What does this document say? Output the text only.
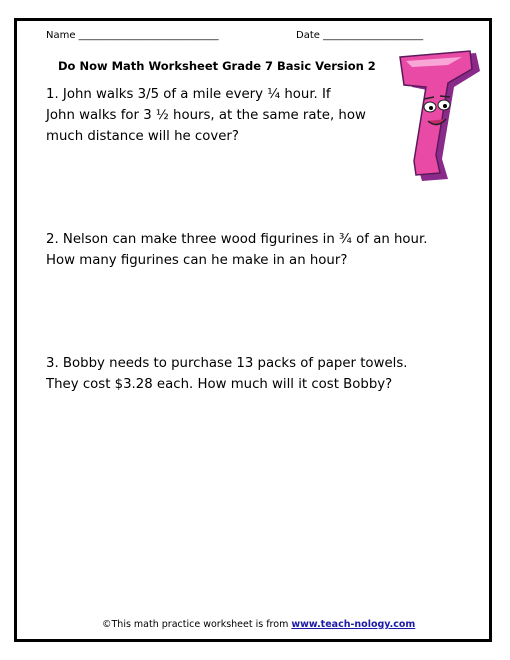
Name ____________________________	Date ____________________
Do Now Math Worksheet Grade 7 Basic Version 2
1. John walks 3/5 of a mile every ¼ hour. If
John walks for 3 ½ hours, at the same rate, how
much distance will he cover?
2. Nelson can make three wood figurines in ¾ of an hour.
How many figurines can he make in an hour?
3. Bobby needs to purchase 13 packs of paper towels.
They cost $3.28 each. How much will it cost Bobby?
©This math practice worksheet is from www.teach-nology.com
